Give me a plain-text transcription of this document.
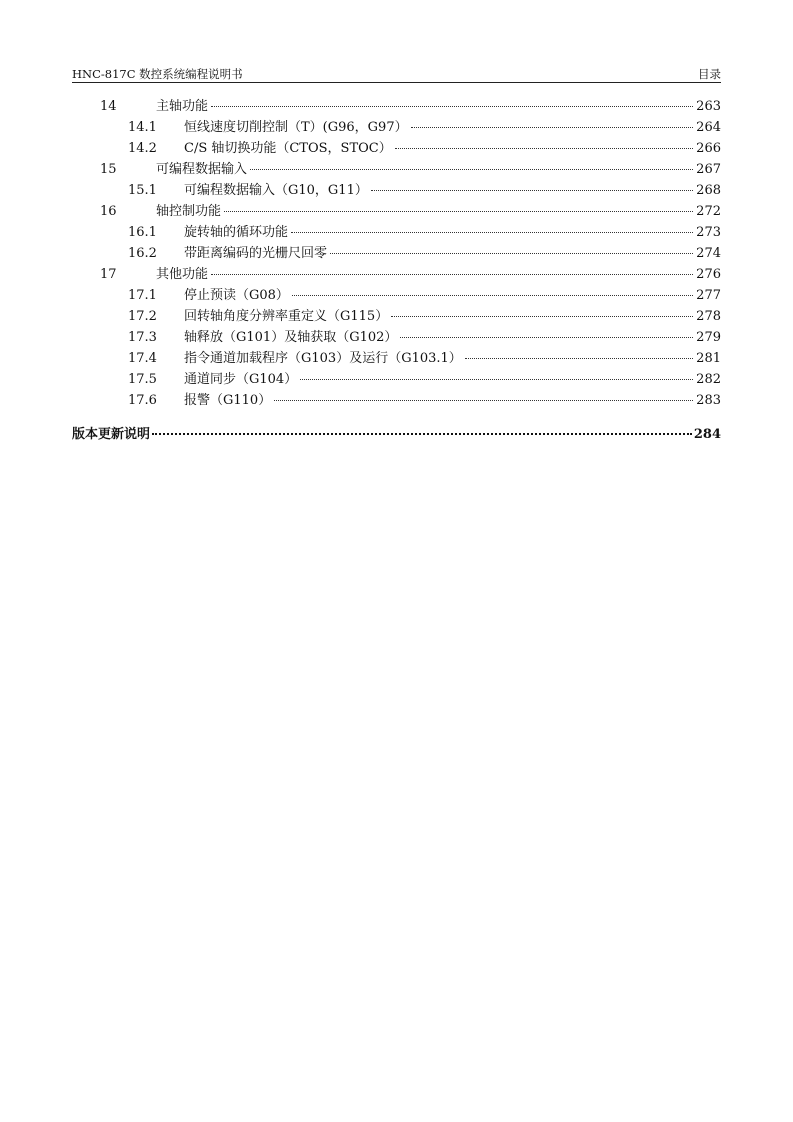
HNC-817C 数控系统编程说明书	目录
14	主轴功能	263
14.1	恒线速度切削控制（T）(G96，G97）	264
14.2	C/S 轴切换功能（CTOS，STOC）	266
15	可编程数据输入	267
15.1	可编程数据输入（G10，G11）	268
16	轴控制功能	272
16.1	旋转轴的循环功能	273
16.2	带距离编码的光栅尺回零	274
17	其他功能	276
17.1	停止预读（G08）	277
17.2	回转轴角度分辨率重定义（G115）	278
17.3	轴释放（G101）及轴获取（G102）	279
17.4	指令通道加载程序（G103）及运行（G103.1）	281
17.5	通道同步（G104）	282
17.6	报警（G110）	283
版本更新说明	284
